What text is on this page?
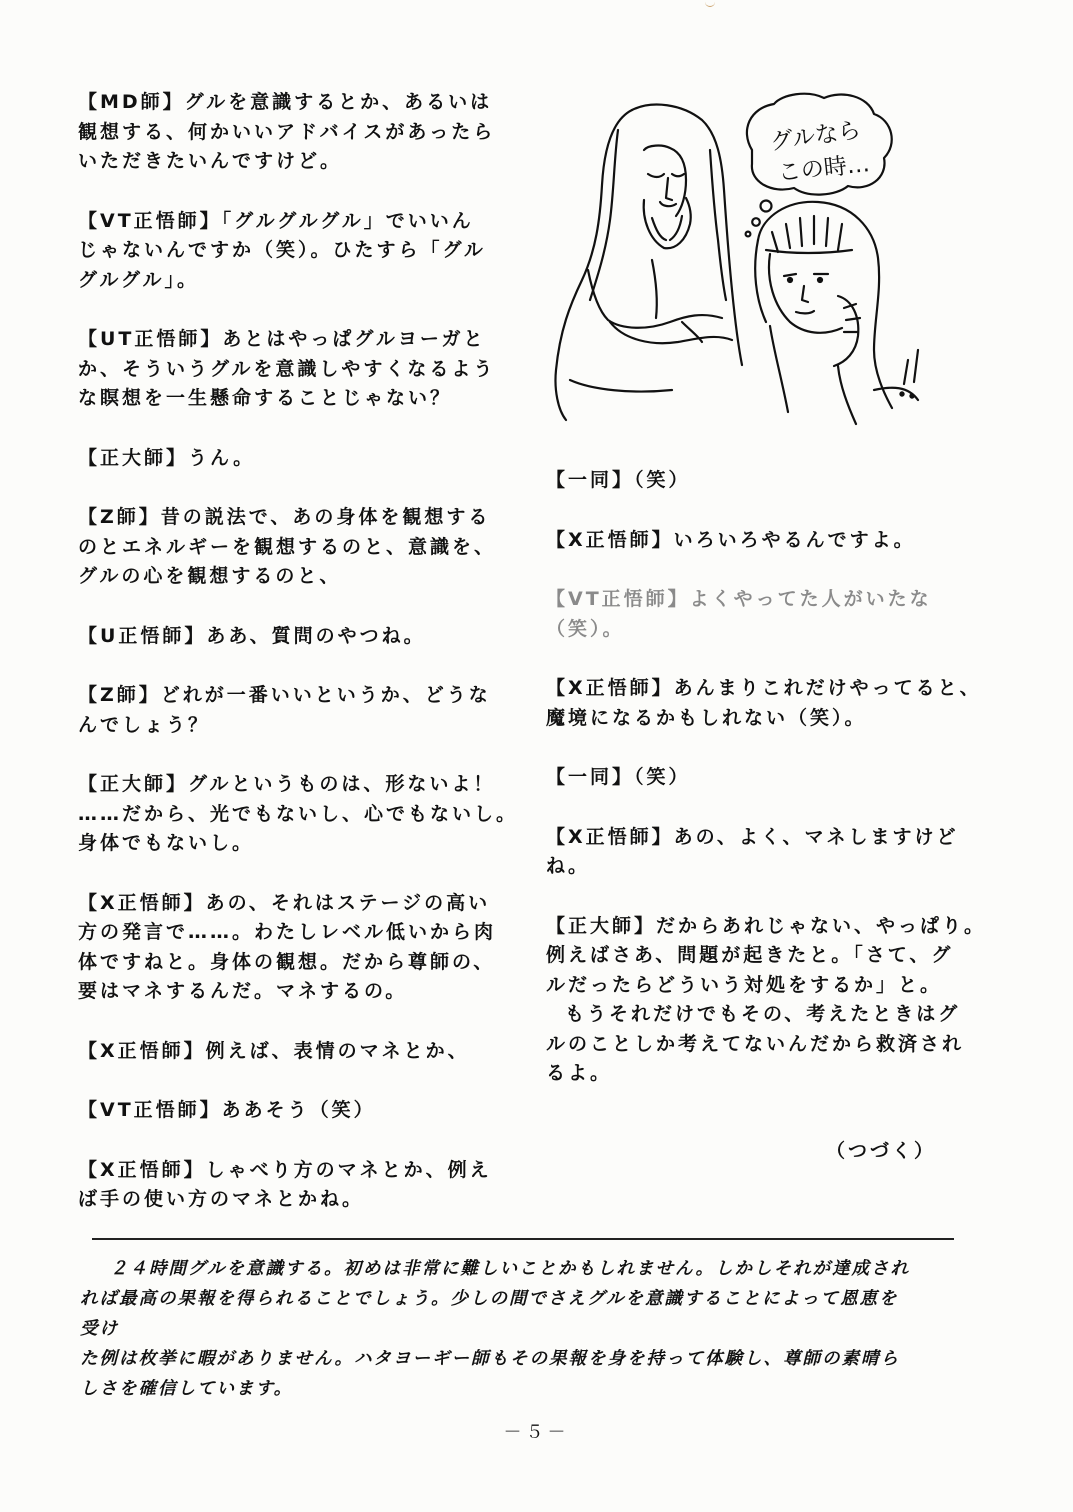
【MD師】グルを意識するとか、あるいは
観想する、何かいいアドバイスがあったら
いただきたいんですけど。

【VT正悟師】「グルグルグル」でいいん
じゃないんですか（笑）。ひたすら「グル
グルグル」。

【UT正悟師】あとはやっぱグルヨーガと
か、そういうグルを意識しやすくなるよう
な瞑想を一生懸命することじゃない？

【正大師】うん。

【Z師】昔の説法で、あの身体を観想する
のとエネルギーを観想するのと、意識を、
グルの心を観想するのと、

【U正悟師】ああ、質問のやつね。

【Z師】どれが一番いいというか、どうな
んでしょう？

【正大師】グルというものは、形ないよ！
……だから、光でもないし、心でもないし。
身体でもないし。

【X正悟師】あの、それはステージの高い
方の発言で……。わたしレベル低いから肉
体ですねと。身体の観想。だから尊師の、
要はマネするんだ。マネするの。

【X正悟師】例えば、表情のマネとか、

【VT正悟師】ああそう（笑）

【X正悟師】しゃべり方のマネとか、例え
ば手の使い方のマネとかね。

グルなら
この時…

【一同】（笑）

【X正悟師】いろいろやるんですよ。

【VT正悟師】よくやってた人がいたな
（笑）。

【X正悟師】あんまりこれだけやってると、
魔境になるかもしれない（笑）。

【一同】（笑）

【X正悟師】あの、よく、マネしますけど
ね。

【正大師】だからあれじゃない、やっぱり。
例えばさあ、問題が起きたと。「さて、グ
ルだったらどういう対処をするか」と。
もうそれだけでもその、考えたときはグ
ルのことしか考えてないんだから救済され
るよ。

（つづく）
２４時間グルを意識する。初めは非常に難しいことかもしれません。しかしそれが達成され
れば最高の果報を得られることでしょう。少しの間でさえグルを意識することによって恩恵を
受け
た例は枚挙に暇がありません。ハタヨーギー師もその果報を身を持って体験し、尊師の素晴ら
しさを確信しています。
－５－
